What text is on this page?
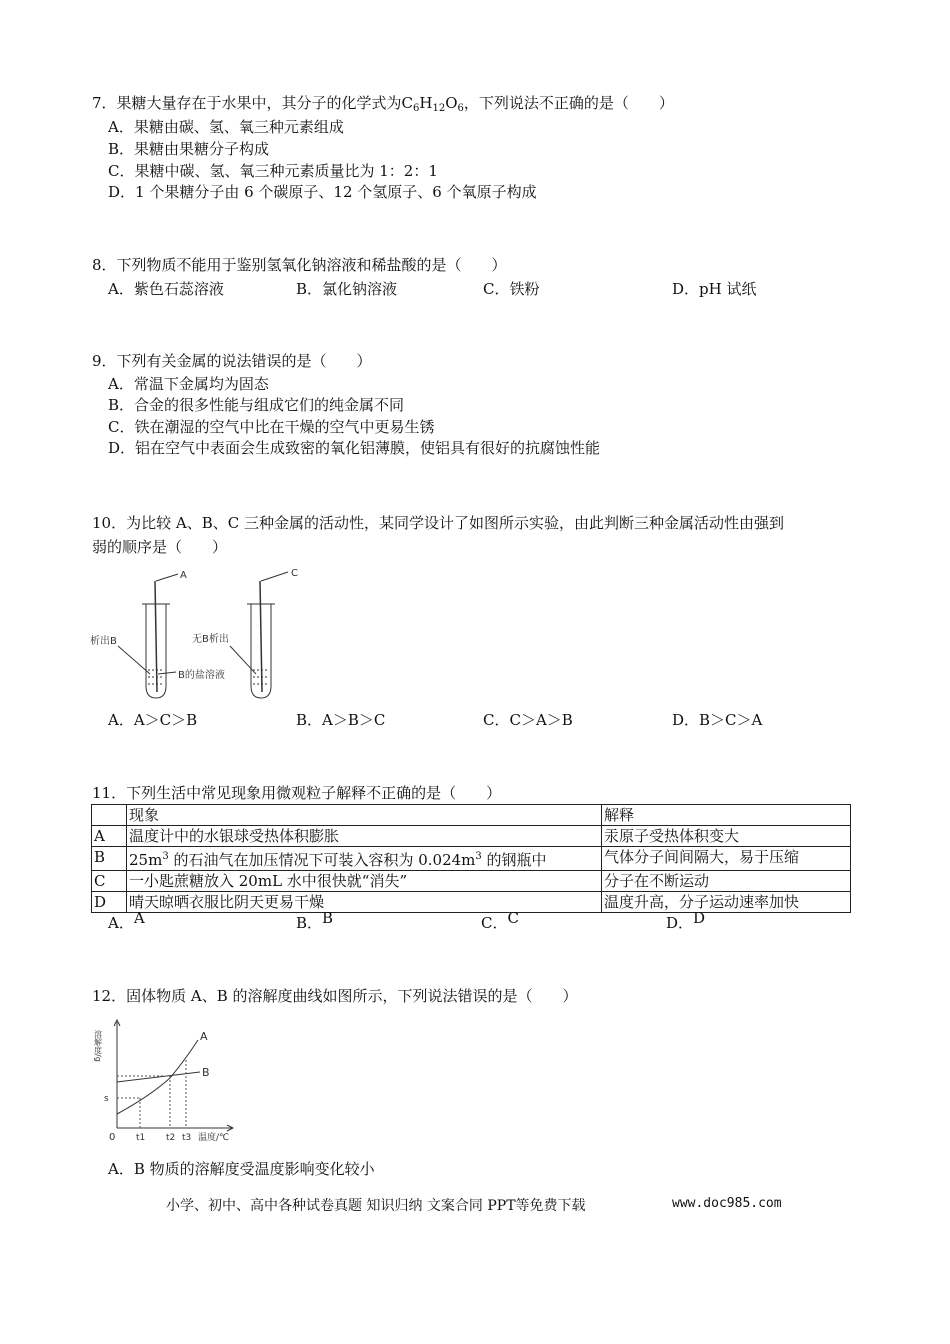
7．果糖大量存在于水果中，其分子的化学式为$C_6H_{12}O_6$，下列说法不正确的是（　　）
A．果糖由碳、氢、氧三种元素组成
B．果糖由果糖分子构成
C．果糖中碳、氢、氧三种元素质量比为 1：2：1
D．1 个果糖分子由 6 个碳原子、12 个氢原子、6 个氧原子构成
8．下列物质不能用于鉴别氢氧化钠溶液和稀盐酸的是（　　）
A．紫色石蕊溶液	B．氯化钠溶液	C．铁粉	D．pH 试纸
9．下列有关金属的说法错误的是（　　）
A．常温下金属均为固态
B．合金的很多性能与组成它们的纯金属不同
C．铁在潮湿的空气中比在干燥的空气中更易生锈
D．铝在空气中表面会生成致密的氧化铝薄膜，使铝具有很好的抗腐蚀性能
10．为比较 A、B、C 三种金属的活动性，某同学设计了如图所示实验，由此判断三种金属活动性由强到
弱的顺序是（　　）
A	C
析出B	无B析出
B的盐溶液
A．A＞C＞B	B．A＞B＞C	C．C＞A＞B	D．B＞C＞A
11．下列生活中常见现象用微观粒子解释不正确的是（　　）
	现象	解释
A	温度计中的水银球受热体积膨胀	汞原子受热体积变大
B	$25m^3$ 的石油气在加压情况下可装入容积为 $0.024m^3$ 的钢瓶中	气体分子间间隔大，易于压缩
C	一小匙蔗糖放入 20mL 水中很快就“消失”	分子在不断运动
D	晴天晾晒衣服比阴天更易干燥	温度升高，分子运动速率加快
A．A	B．B	C．C	D．D
12．固体物质 A、B 的溶解度曲线如图所示，下列说法错误的是（　　）
溶解度/g
s
0 t1 t2 t3 温度/℃
A
B
A．B 物质的溶解度受温度影响变化较小
小学、初中、高中各种试卷真题 知识归纳 文案合同 PPT等免费下载	www.doc985.com
